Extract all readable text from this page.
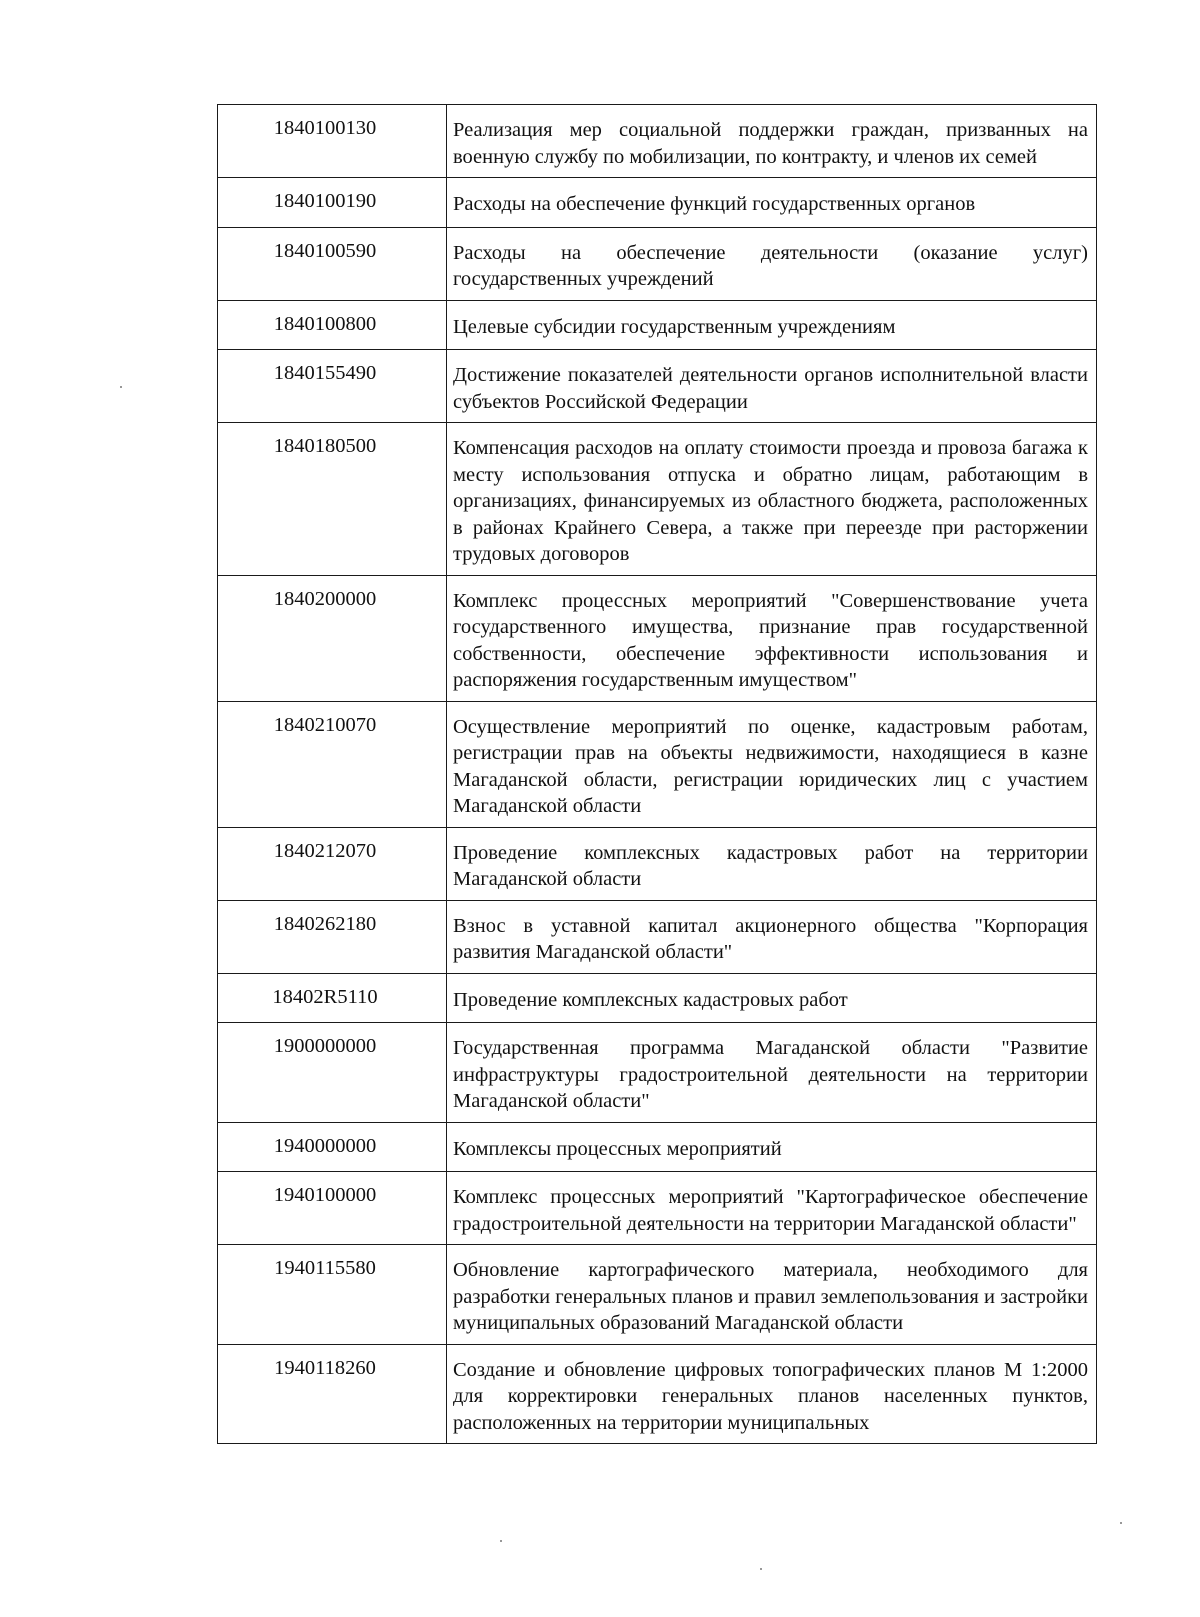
1840100130	Реализация мер социальной поддержки граждан, призванных на военную службу по мобилизации, по контракту, и членов их семей

1840100190	Расходы на обеспечение функций государственных органов

1840100590	Расходы на обеспечение деятельности (оказание услуг) государственных учреждений

1840100800	Целевые субсидии государственным учреждениям

1840155490	Достижение показателей деятельности органов исполнительной власти субъектов Российской Федерации

1840180500	Компенсация расходов на оплату стоимости проезда и провоза багажа к месту использования отпуска и обратно лицам, работающим в организациях, финансируемых из областного бюджета, расположенных в районах Крайнего Севера, а также при переезде при расторжении трудовых договоров

1840200000	Комплекс процессных мероприятий "Совершенствование учета государственного имущества, признание прав государственной собственности, обеспечение эффективности использования и распоряжения государственным имуществом"

1840210070	Осуществление мероприятий по оценке, кадастровым работам, регистрации прав на объекты недвижимости, находящиеся в казне Магаданской области, регистрации юридических лиц с участием Магаданской области

1840212070	Проведение комплексных кадастровых работ на территории Магаданской области

1840262180	Взнос в уставной капитал акционерного общества "Корпорация развития Магаданской области"

18402R5110	Проведение комплексных кадастровых работ

1900000000	Государственная программа Магаданской области "Развитие инфраструктуры градостроительной деятельности на территории Магаданской области"

1940000000	Комплексы процессных мероприятий

1940100000	Комплекс процессных мероприятий "Картографическое обеспечение градостроительной деятельности на территории Магаданской области"

1940115580	Обновление картографического материала, необходимого для разработки генеральных планов и правил землепользования и застройки муниципальных образований Магаданской области

1940118260	Создание и обновление цифровых топографических планов М 1:2000 для корректировки генеральных планов населенных пунктов, расположенных на территории муниципальных
